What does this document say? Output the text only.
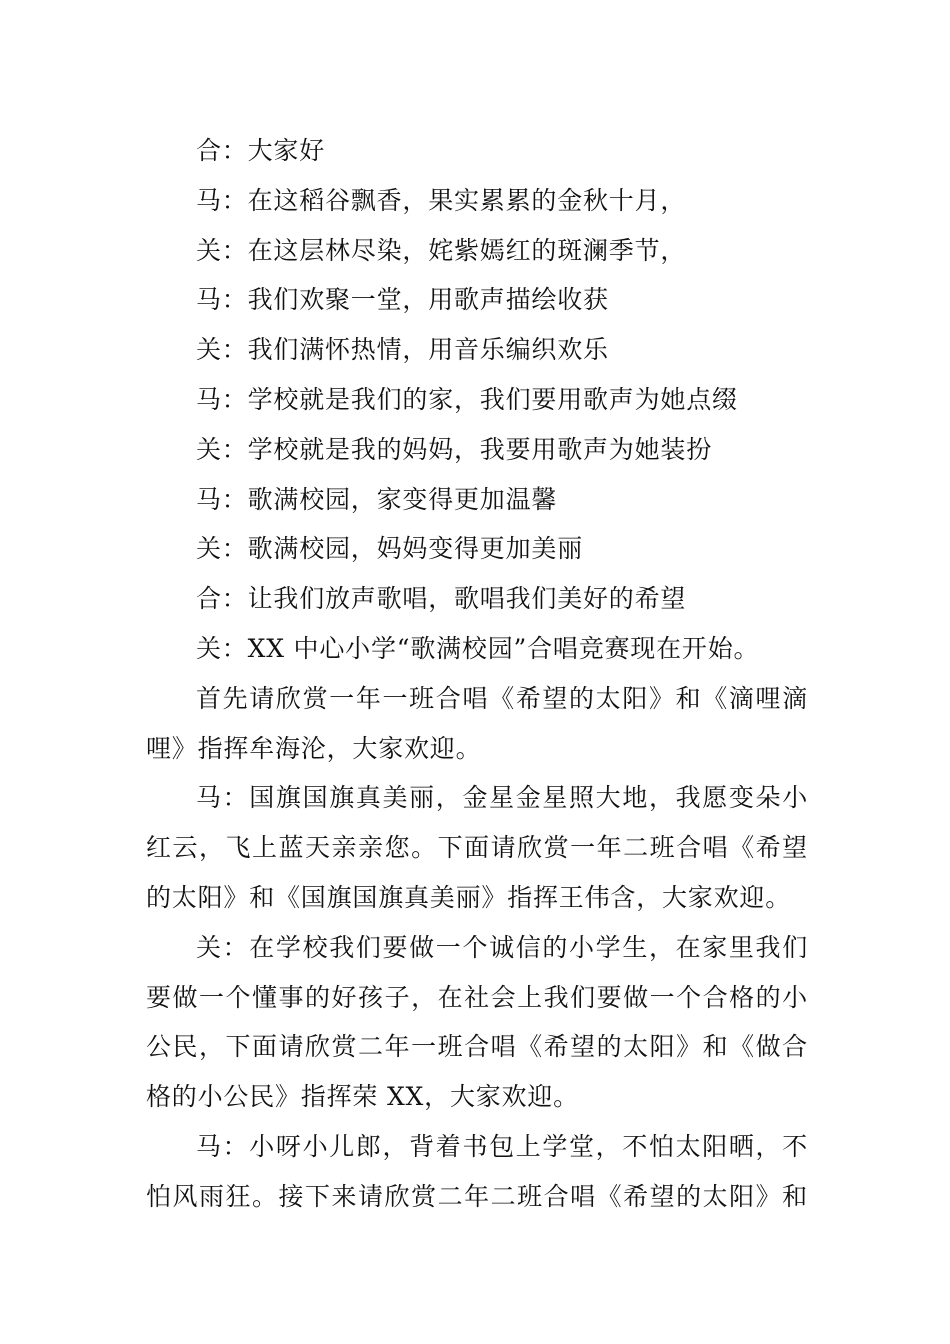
合：大家好
马：在这稻谷飘香，果实累累的金秋十月，
关：在这层林尽染，姹紫嫣红的斑澜季节，
马：我们欢聚一堂，用歌声描绘收获
关：我们满怀热情，用音乐编织欢乐
马：学校就是我们的家，我们要用歌声为她点缀
关：学校就是我的妈妈，我要用歌声为她装扮
马：歌满校园，家变得更加温馨
关：歌满校园，妈妈变得更加美丽
合：让我们放声歌唱，歌唱我们美好的希望
关：XX 中心小学“歌满校园”合唱竞赛现在开始。
首先请欣赏一年一班合唱《希望的太阳》和《滴哩滴
哩》指挥牟海沦，大家欢迎。
马：国旗国旗真美丽，金星金星照大地，我愿变朵小
红云，飞上蓝天亲亲您。下面请欣赏一年二班合唱《希望
的太阳》和《国旗国旗真美丽》指挥王伟含，大家欢迎。
关：在学校我们要做一个诚信的小学生，在家里我们
要做一个懂事的好孩子，在社会上我们要做一个合格的小
公民，下面请欣赏二年一班合唱《希望的太阳》和《做合
格的小公民》指挥荣 XX，大家欢迎。
马：小呀小儿郎，背着书包上学堂，不怕太阳晒，不
怕风雨狂。接下来请欣赏二年二班合唱《希望的太阳》和
